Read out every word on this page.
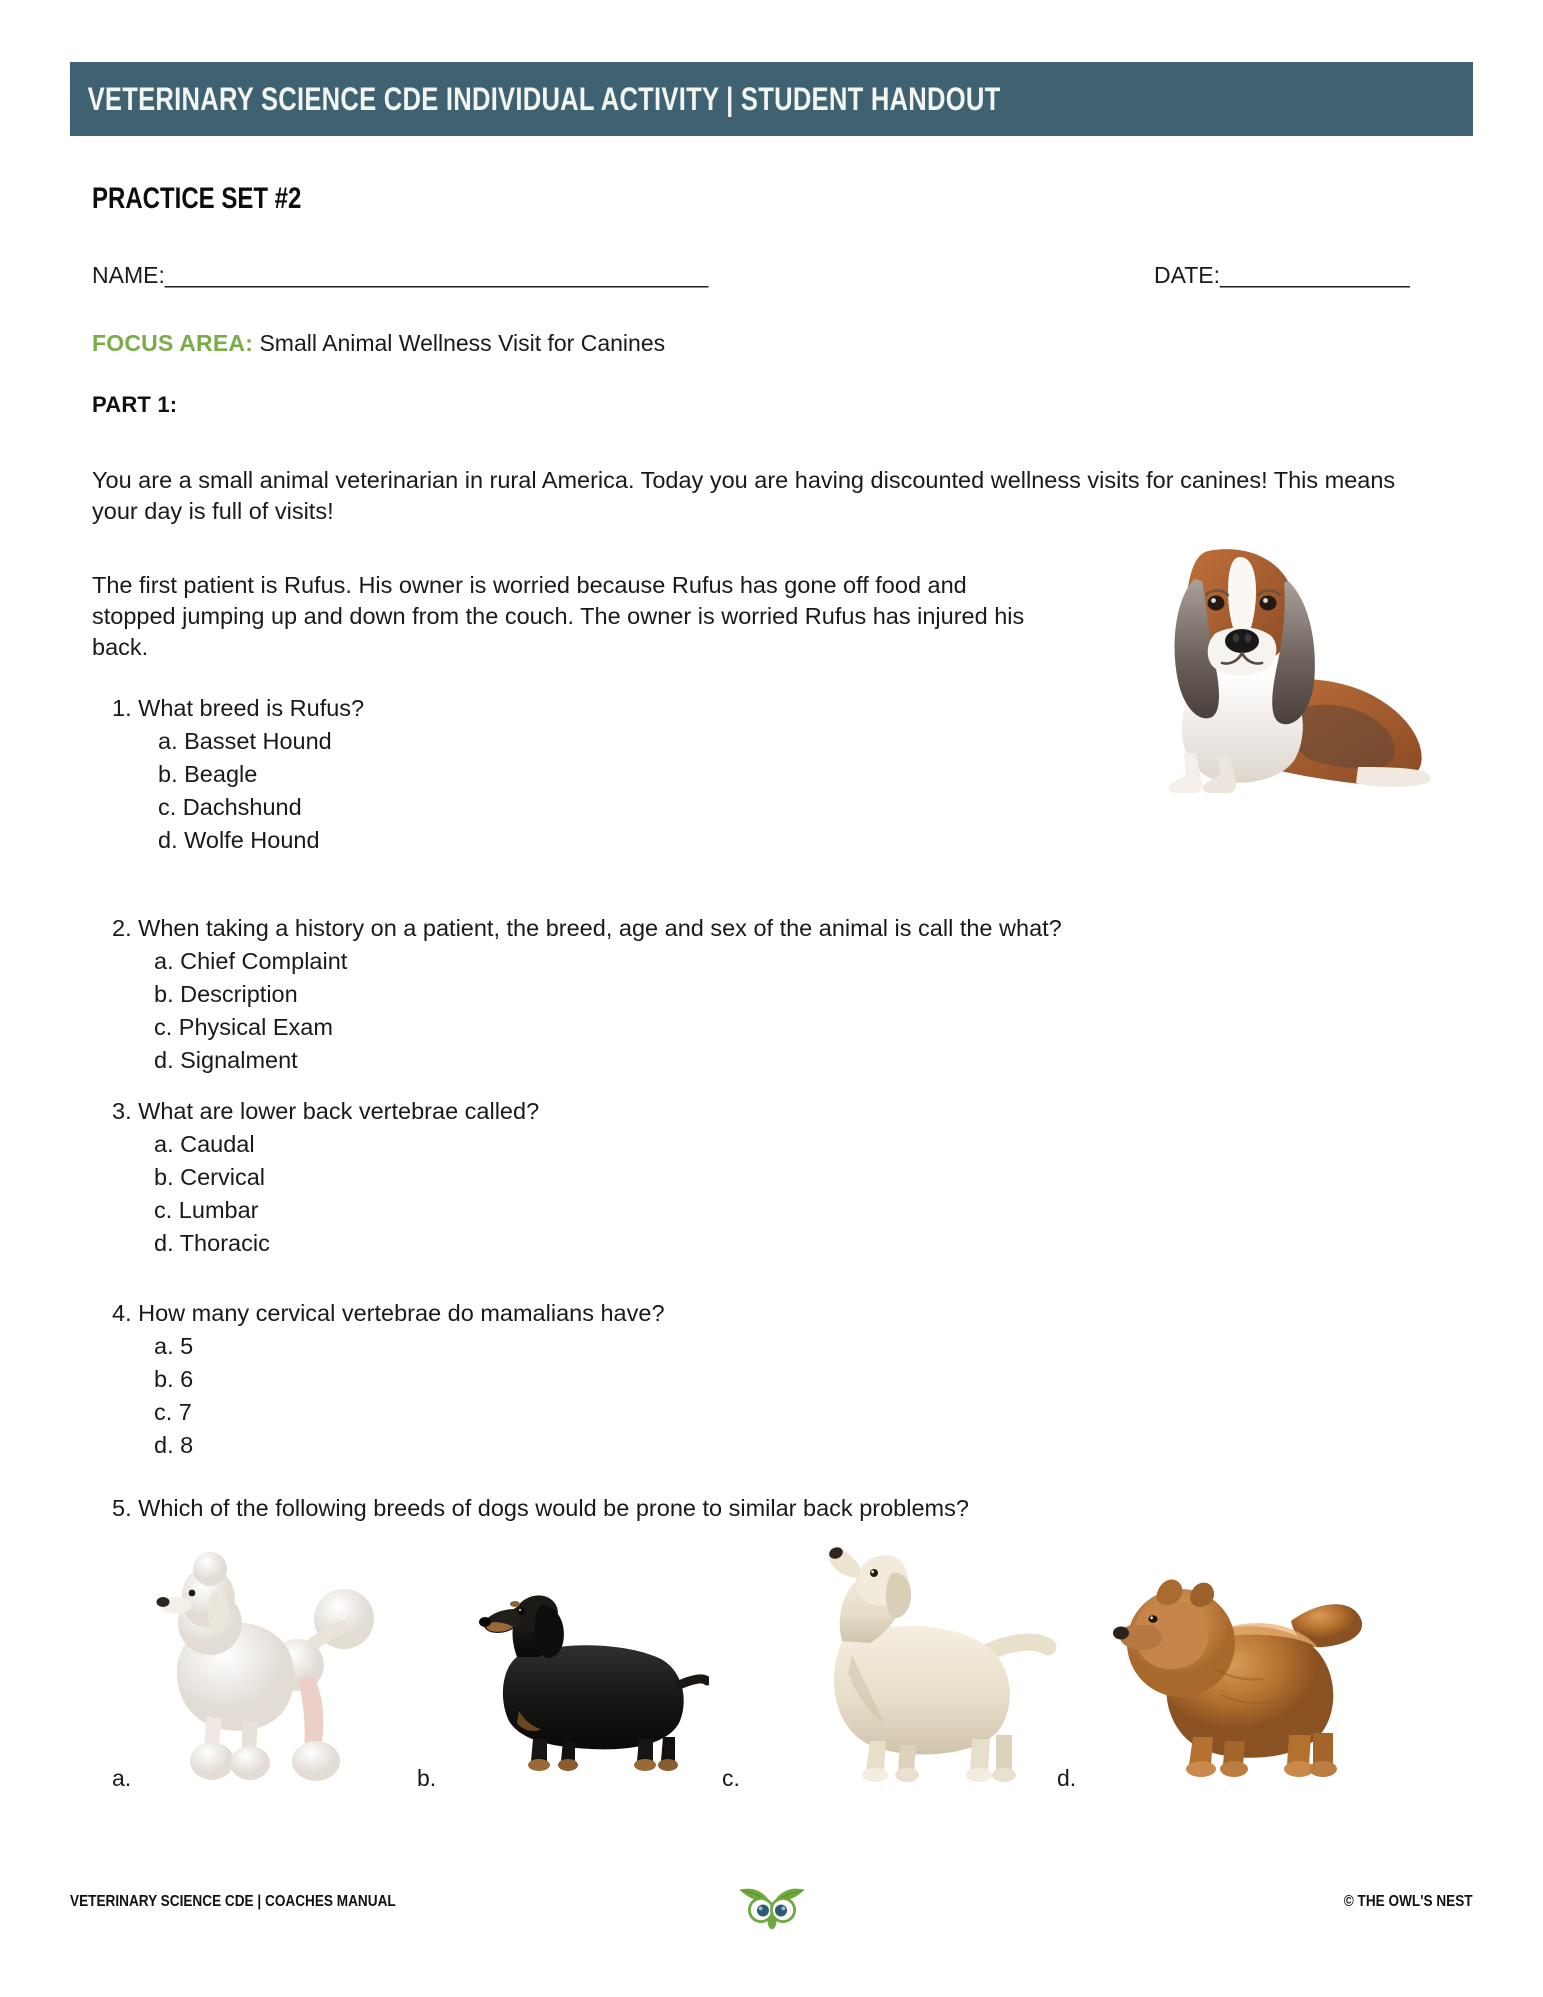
VETERINARY SCIENCE CDE INDIVIDUAL ACTIVITY | STUDENT HANDOUT
PRACTICE SET #2
NAME:______________________________________________	DATE:________________
FOCUS AREA: Small Animal Wellness Visit for Canines
PART 1:
You are a small animal veterinarian in rural America. Today you are having discounted wellness visits for canines! This means your day is full of visits!
The first patient is Rufus. His owner is worried because Rufus has gone off food and stopped jumping up and down from the couch. The owner is worried Rufus has injured his back.
1. What breed is Rufus?
a. Basset Hound
b. Beagle
c. Dachshund
d. Wolfe Hound
2. When taking a history on a patient, the breed, age and sex of the animal is call the what?
a. Chief Complaint
b. Description
c. Physical Exam
d. Signalment
3. What are lower back vertebrae called?
a. Caudal
b. Cervical
c. Lumbar
d. Thoracic
4. How many cervical vertebrae do mamalians have?
a. 5
b. 6
c. 7
d. 8
5. Which of the following breeds of dogs would be prone to similar back problems?
a.	b.	c.	d.
VETERINARY SCIENCE CDE | COACHES MANUAL	© THE OWL'S NEST
